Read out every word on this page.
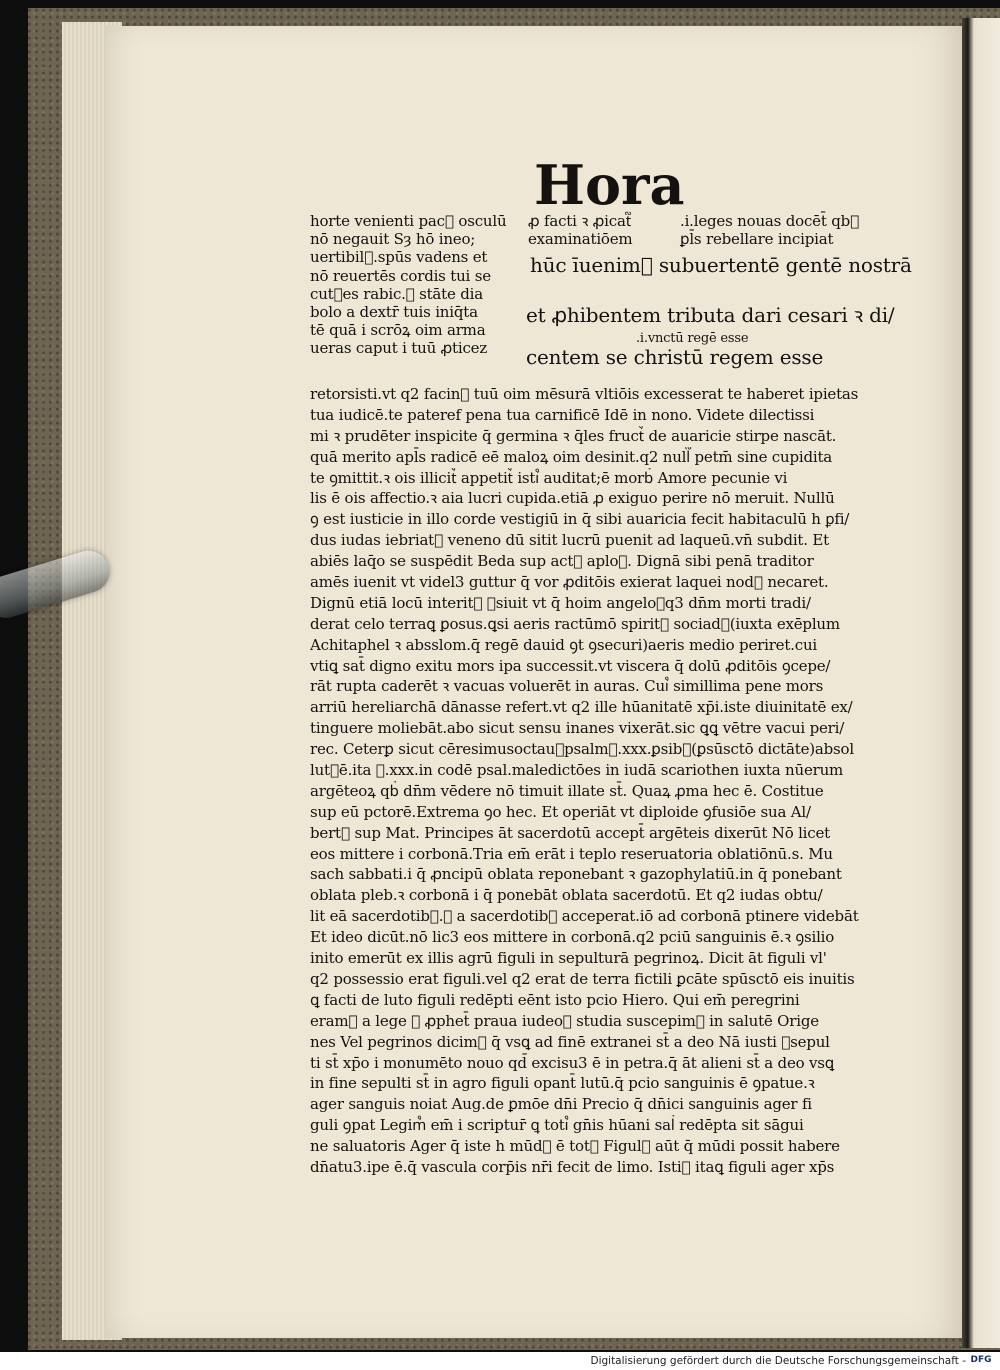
Hora
horte venienti pac᷑ osculū
nō negauit Sȝ hō ineo;
uertibil᷑.spūs vadens et
nō reuertēs cordis tui se
cut᷒es rabic.ꝛ stāte dia
bolo a dextr̄ tuis iniq̄ta
tē quā i scrōꝝ oim arma
ueras caput i tuū ꝓticez
ꝓ facti ꝛ ꝓicat᷑
examinatiōem
.i.leges nouas docēt̄ qb᷒
ꝑl̄s rebellare incipiat
hūc īuenim᷒ subuertentē gentē nostrā
et ꝓhibentem tributa dari cesari ꝛ di/
.i.vnctū regē esse
centem se christū regem esse
retorsisti.vt q2 facin᷒ tuū oim mēsurā vltiōis excesserat te haberet ipietas
tua iudicē.te pateref pena tua carnificē Idē in nono. Videte dilectissi
mi ꝛ prudēter inspicite q̄ germina ꝛ q̄les fruct᷒ de auaricie stirpe nascāt.
quā merito apl̄s radicē eē maloꝝ oim desinit.q2 null᷑ petm̄ sine cupidita
te ꝯmittit.ꝛ ois illicit᷒ appetit᷒ isti᷒ auditat;ē morb᷒ Amore pecunie vi
lis ē ois affectio.ꝛ aia lucri cupida.etiā ꝓ exiguo perire nō meruit. Nullū
ꝯ est iusticie in illo corde vestigiū in q̄ sibi auaricia fecit habitaculū h ꝑfi/
dus iudas iebriat᷒ veneno dū sitit lucrū puenit ad laqueū.vn̄ subdit. Et
abiēs laq̄o se suspēdit Beda sup act᷒ aploꝝ. Dignā sibi penā traditor
amēs iuenit vt videl3 guttur q̄ vor ꝓditōis exierat laquei nod᷒ necaret.
Dignū etiā locū interit᷒ ꝯsiuit vt q̄ hoim angeloꝝq3 dn̄m morti tradi/
derat celo terraꝗ ꝑosus.ꝗsi aeris ractūmō spirit᷒ sociad᷒(iuxta exēplum
Achitaphel ꝛ absslom.q̄ regē dauid ꝯt ꝯsecuri)aeris medio periret.cui
vtiꝗ sat̄ digno exitu mors ipa successit.vt viscera q̄ dolū ꝓditōis ꝯcepe/
rāt rupta caderēt ꝛ vacuas voluerēt in auras. Cui᷒ simillima pene mors
arriū hereliarchā dānasse refert.vt q2 ille hūanitatē xp̄i.iste diuinitatē ex/
tinguere moliebāt.abo sicut sensu inanes vixerāt.sic ꝗꝗ vētre vacui peri/
rec. Ceterꝑ sicut cēresimusoctau᷒psalm᷒.xxx.ꝑsib᷒(ꝑsūsctō dictāte)absol
lut᷒ē.ita ꝛ.xxx.in codē psal.maledictōes in iudā scariothen iuxta nūerum
argēteoꝝ qb᷒ dn̄m vēdere nō timuit illate st̄. Quaꝝ ꝓma hec ē. Costitue
sup eū pctorē.Extrema ꝯo hec. Et operiāt vt diploide ꝯfusiōe sua Al/
bert᷒ sup Mat. Principes āt sacerdotū accept̄ argēteis dixerūt Nō licet
eos mittere i corbonā.Tria em̄ erāt i teplo reseruatoria oblatiōnū.s. Mu
sach sabbati.i q̄ ꝓncipū oblata reponebant ꝛ gazophylatiū.in q̄ ponebant
oblata pleb.ꝛ corbonā i q̄ ponebāt oblata sacerdotū. Et q2 iudas obtu/
lit eā sacerdotib᷒.ꝛ a sacerdotib᷒ acceperat.iō ad corbonā ptinere videbāt
Et ideo dicūt.nō lic3 eos mittere in corbonā.q2 pciū sanguinis ē.ꝛ ꝯsilio
inito emerūt ex illis agrū figuli in sepulturā pegrinoꝝ. Dicit āt figuli vl'
q2 possessio erat figuli.vel q2 erat de terra fictili ꝑcāte spūsctō eis inuitis
ꝗ facti de luto figuli redēpti eēnt isto pcio Hiero. Qui em̄ peregrini
eram᷒ a lege ꝛ ꝓphet̄ praua iudeoꝝ studia suscepim᷒ in salutē Orige
nes Vel pegrinos dicim᷒ q̄ vsꝗ ad finē extranei st̄ a deo Nā iusti ꝯsepul
ti st̄ xp̄o i monumēto nouo qd̄ excisu3 ē in petra.q̄ āt alieni st̄ a deo vsꝗ
in fine sepulti st̄ in agro figuli opant̄ lutū.q̄ pcio sanguinis ē ꝯpatue.ꝛ
ager sanguis noiat Aug.de ꝑmōe dn̄i Precio q̄ dn̄ici sanguinis ager fi
guli ꝯpat Legim᷒ em̄ i scriptur̄ ꝗ toti᷒ gn̄is hūani sal᷒ redēpta sit sāgui
ne saluatoris Ager q̄ iste h mūd᷒ ē tot᷒ Figul᷒ aūt q̄ mūdi possit habere
dn̄atu3.ipe ē.q̄ vascula corp̄is nr̄i fecit de limo. Isti᷒ itaꝗ figuli ager xp̄s
Digitalisierung gefördert durch die Deutsche Forschungsgemeinschaft - DFG
